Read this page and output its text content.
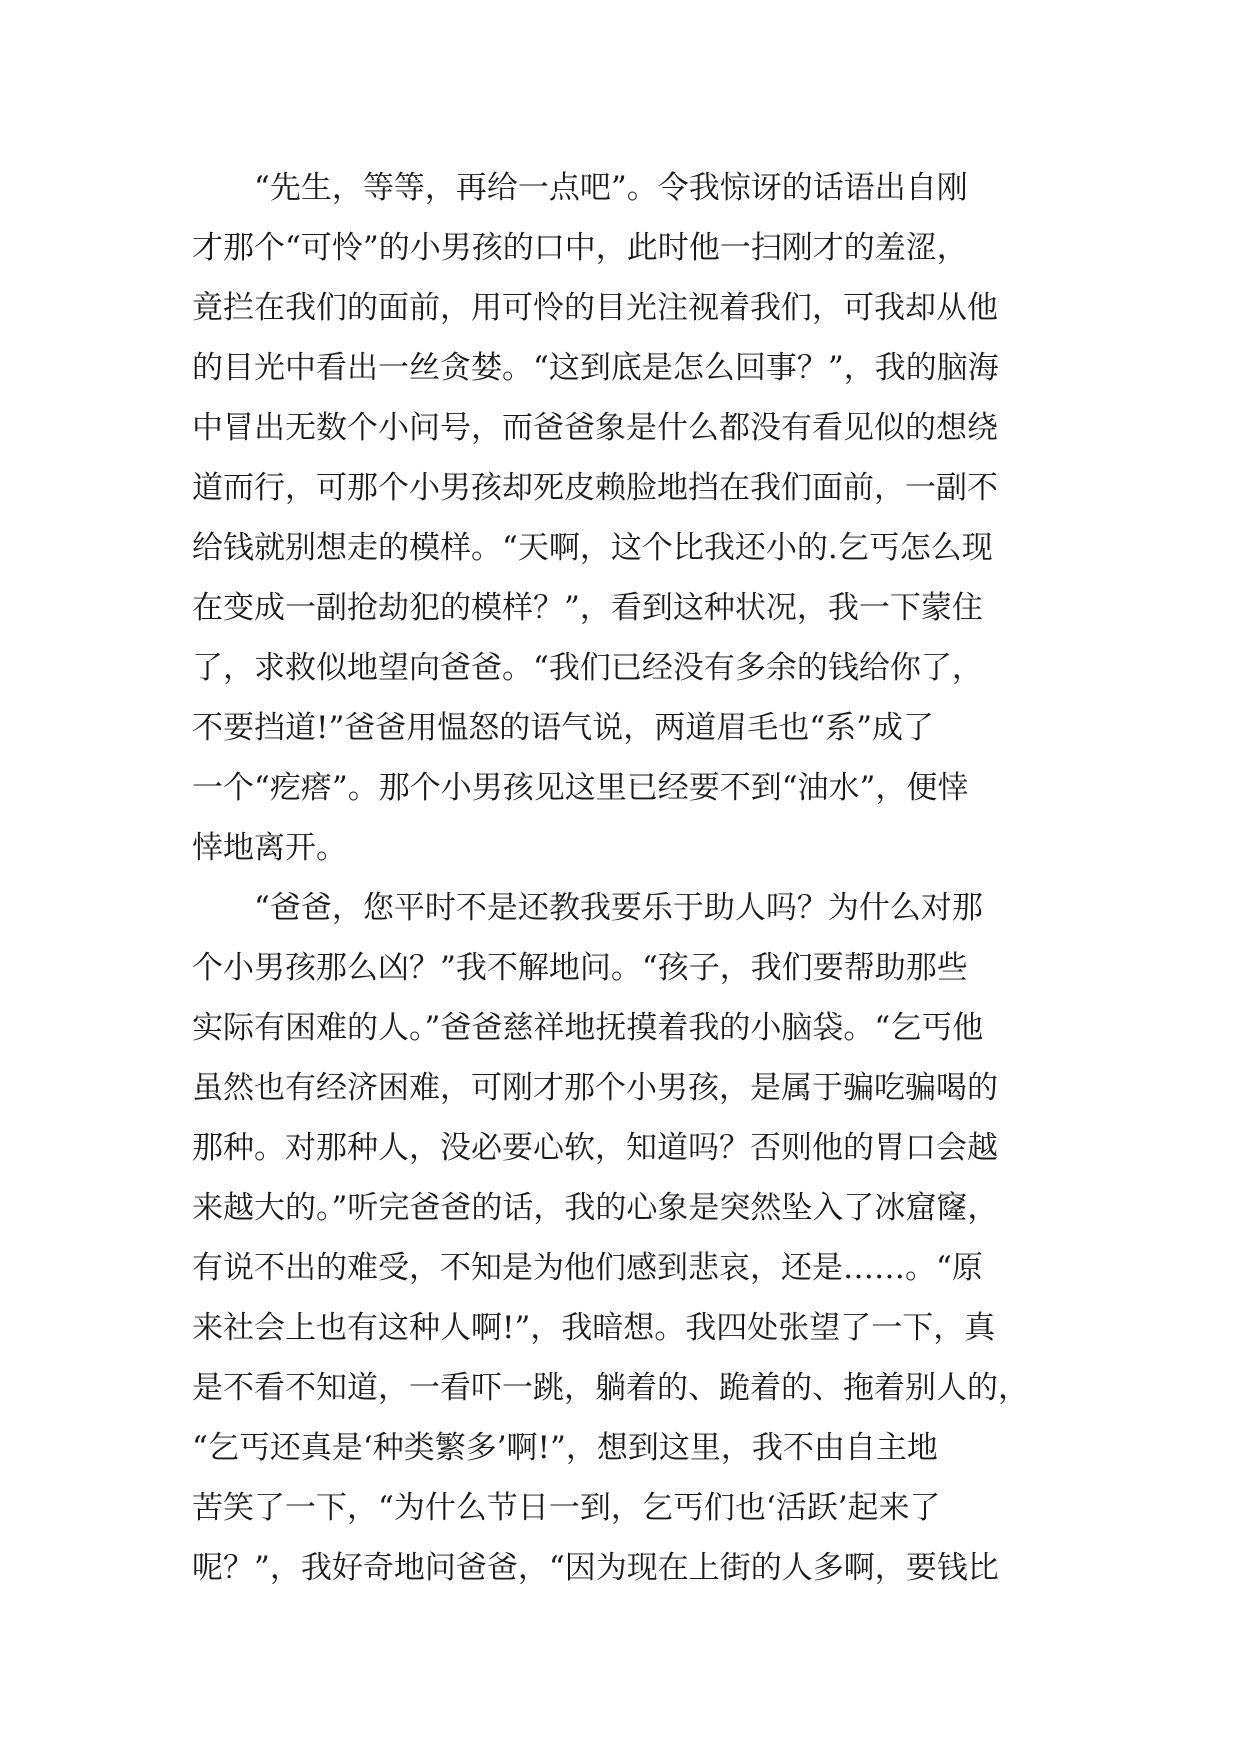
“先生，等等，再给一点吧”。令我惊讶的话语出自刚
才那个“可怜”的小男孩的口中，此时他一扫刚才的羞涩，
竟拦在我们的面前，用可怜的目光注视着我们，可我却从他
的目光中看出一丝贪婪。“这到底是怎么回事？”，我的脑海
中冒出无数个小问号，而爸爸象是什么都没有看见似的想绕
道而行，可那个小男孩却死皮赖脸地挡在我们面前，一副不
给钱就别想走的模样。“天啊，这个比我还小的.乞丐怎么现
在变成一副抢劫犯的模样？”，看到这种状况，我一下蒙住
了，求救似地望向爸爸。“我们已经没有多余的钱给你了，
不要挡道!”爸爸用愠怒的语气说，两道眉毛也“系”成了
一个“疙瘩”。那个小男孩见这里已经要不到“油水”，便悻
悻地离开。
“爸爸，您平时不是还教我要乐于助人吗？为什么对那
个小男孩那么凶？”我不解地问。“孩子，我们要帮助那些
实际有困难的人。”爸爸慈祥地抚摸着我的小脑袋。“乞丐他
虽然也有经济困难，可刚才那个小男孩，是属于骗吃骗喝的
那种。对那种人，没必要心软，知道吗？否则他的胃口会越
来越大的。”听完爸爸的话，我的心象是突然坠入了冰窟窿，
有说不出的难受，不知是为他们感到悲哀，还是……。“原
来社会上也有这种人啊!”，我暗想。我四处张望了一下，真
是不看不知道，一看吓一跳，躺着的、跪着的、拖着别人的，
“乞丐还真是‘种类繁多’啊!”，想到这里，我不由自主地
苦笑了一下，“为什么节日一到，乞丐们也‘活跃’起来了
呢？”，我好奇地问爸爸，“因为现在上街的人多啊，要钱比
